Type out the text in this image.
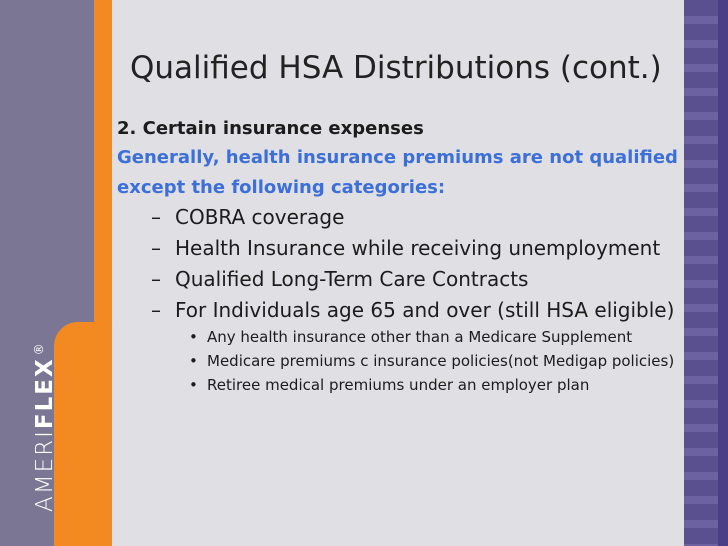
AMERIFLEX®
Qualified HSA Distributions (cont.)
2. Certain insurance expenses
Generally, health insurance premiums are not qualified except the following categories:
– COBRA coverage
– Health Insurance while receiving unemployment
– Qualified Long-Term Care Contracts
– For Individuals age 65 and over (still HSA eligible)
• Any health insurance other than a Medicare Supplement
• Medicare premiums c insurance policies(not Medigap policies)
• Retiree medical premiums under an employer plan
